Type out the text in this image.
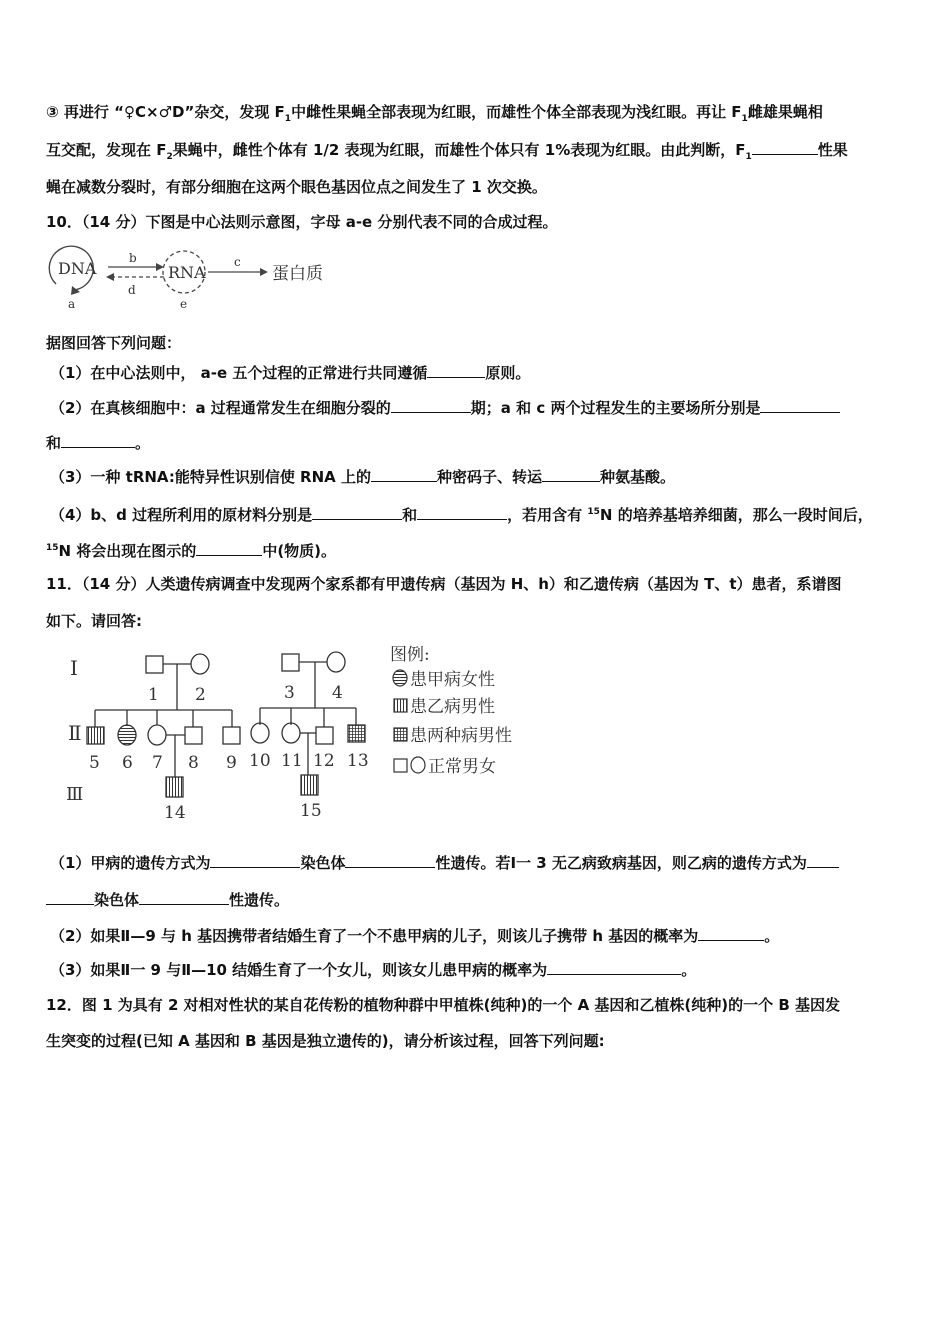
③ 再进行 “♀C×♂D”杂交，发现 $F_1$中雌性果蝇全部表现为红眼，而雄性个体全部表现为浅红眼。再让 $F_1$雌雄果蝇相
互交配，发现在 $F_2$果蝇中，雌性个体有 1/2 表现为红眼，而雄性个体只有 1%表现为红眼。由此判断，$F_1$	性果
蝇在减数分裂时，有部分细胞在这两个眼色基因位点之间发生了 1 次交换。
10．（14 分）下图是中心法则示意图，字母 a-e 分别代表不同的合成过程。
DNA
a
b
d
RNA
e
c
蛋白质
据图回答下列问题：
（1）在中心法则中， a-e 五个过程的正常进行共同遵循	原则。
（2）在真核细胞中：a 过程通常发生在细胞分裂的	期；a 和 c 两个过程发生的主要场所分别是
和	。
（3）一种 tRNA:能特异性识别信使 RNA 上的	种密码子、转运	种氨基酸。
（4）b、d 过程所利用的原材料分别是	和	，若用含有 $^{15}$N 的培养基培养细菌，那么一段时间后，
$^{15}$N 将会出现在图示的	中(物质)。
11．（14 分）人类遗传病调查中发现两个家系都有甲遗传病（基因为 H、h）和乙遗传病（基因为 T、t）患者，系谱图
如下。请回答:
Ⅰ
Ⅱ
Ⅲ
1 2	3 4
5 6 7 8 9 10 11 12 13
14	15
图例:
患甲病女性
患乙病男性
患两种病男性
正常男女
（1）甲病的遗传方式为	染色体	性遗传。若Ⅰ一 3 无乙病致病基因，则乙病的遗传方式为
染色体	性遗传。
（2）如果Ⅱ—9 与 h 基因携带者结婚生育了一个不患甲病的儿子，则该儿子携带 h 基因的概率为	。
（3）如果Ⅱ一 9 与Ⅱ—10 结婚生育了一个女儿，则该女儿患甲病的概率为	。
12．图 1 为具有 2 对相对性状的某自花传粉的植物种群中甲植株(纯种)的一个 A 基因和乙植株(纯种)的一个 B 基因发
生突变的过程(已知 A 基因和 B 基因是独立遗传的)，请分析该过程，回答下列问题:
